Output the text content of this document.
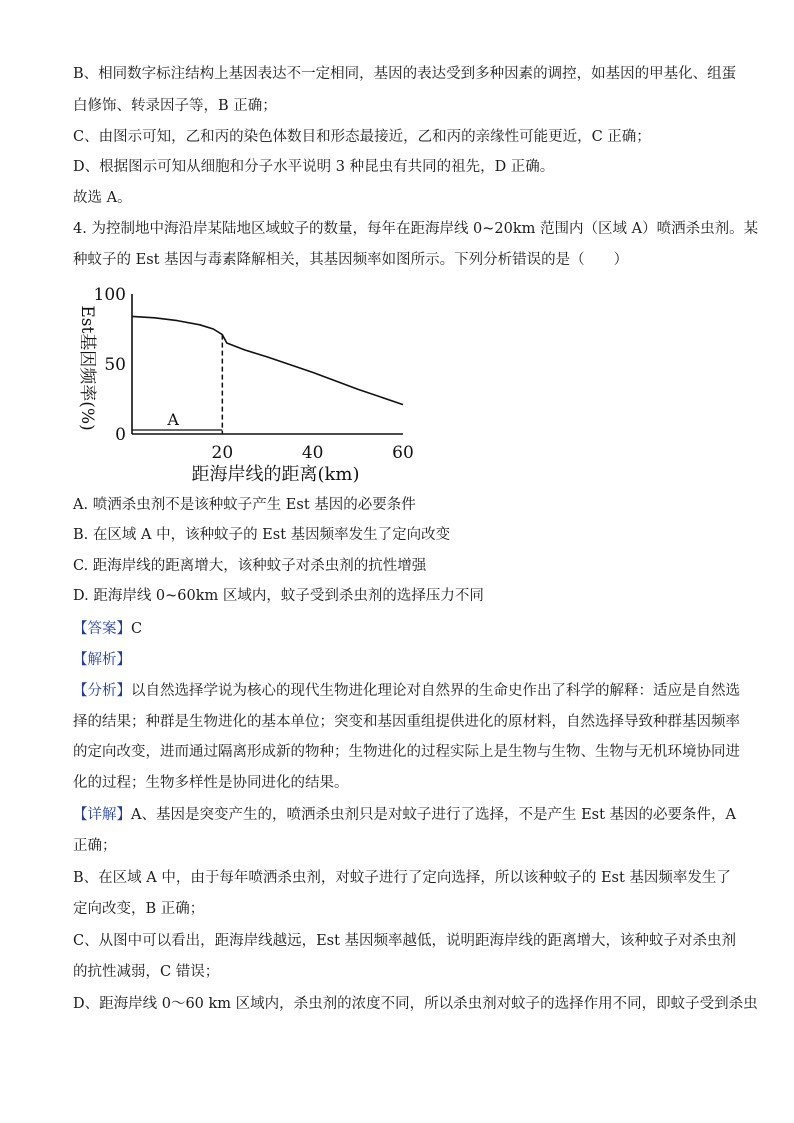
B、相同数字标注结构上基因表达不一定相同，基因的表达受到多种因素的调控，如基因的甲基化、组蛋
白修饰、转录因子等，B 正确；
C、由图示可知，乙和丙的染色体数目和形态最接近，乙和丙的亲缘性可能更近，C 正确；
D、根据图示可知从细胞和分子水平说明 3 种昆虫有共同的祖先，D 正确。
故选 A。
4. 为控制地中海沿岸某陆地区域蚊子的数量，每年在距海岸线 0~20km 范围内（区域 A）喷洒杀虫剂。某
种蚊子的 Est 基因与毒素降解相关，其基因频率如图所示。下列分析错误的是（　　）
100
50
0
20	40	60
距海岸线的距离(km)
Est基因频率(%)	A
A. 喷洒杀虫剂不是该种蚊子产生 Est 基因的必要条件
B. 在区域 A 中，该种蚊子的 Est 基因频率发生了定向改变
C. 距海岸线的距离增大，该种蚊子对杀虫剂的抗性增强
D. 距海岸线 0~60km 区域内，蚊子受到杀虫剂的选择压力不同
【答案】C
【解析】
【分析】以自然选择学说为核心的现代生物进化理论对自然界的生命史作出了科学的解释：适应是自然选
择的结果；种群是生物进化的基本单位；突变和基因重组提供进化的原材料，自然选择导致种群基因频率
的定向改变，进而通过隔离形成新的物种；生物进化的过程实际上是生物与生物、生物与无机环境协同进
化的过程；生物多样性是协同进化的结果。
【详解】A、基因是突变产生的，喷洒杀虫剂只是对蚊子进行了选择，不是产生 Est 基因的必要条件，A
正确；
B、在区域 A 中，由于每年喷洒杀虫剂，对蚊子进行了定向选择，所以该种蚊子的 Est 基因频率发生了
定向改变，B 正确；
C、从图中可以看出，距海岸线越远，Est 基因频率越低，说明距海岸线的距离增大，该种蚊子对杀虫剂
的抗性减弱，C 错误；
D、距海岸线 0～60 km 区域内，杀虫剂的浓度不同，所以杀虫剂对蚊子的选择作用不同，即蚊子受到杀虫
